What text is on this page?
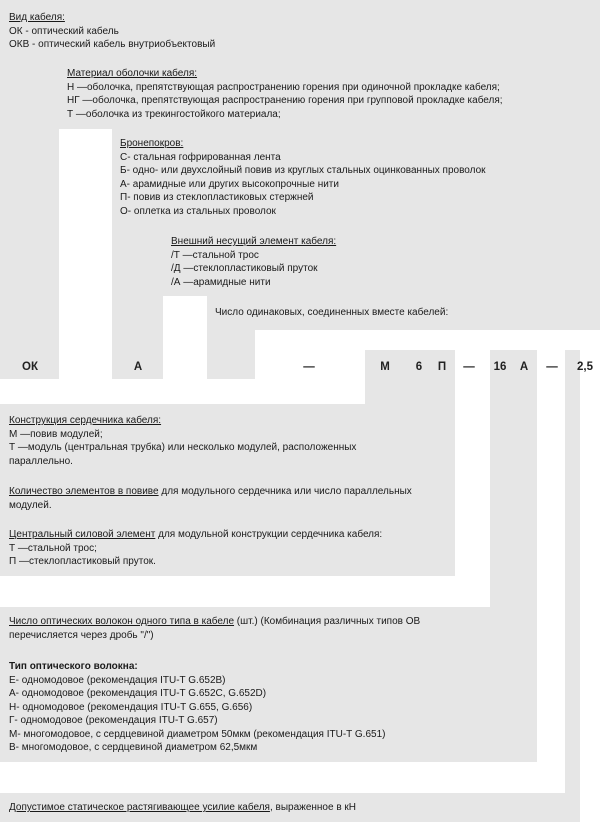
Вид кабеля:
ОК - оптический кабель
ОКВ - оптический кабель внутриобъектовый
Материал оболочки кабеля:
Н —оболочка, препятствующая распространению горения при одиночной прокладке кабеля;
НГ —оболочка, препятствующая распространению горения при групповой прокладке кабеля;
Т —оболочка из трекингостойкого материала;
Бронепокров:
С- стальная гофрированная лента
Б- одно- или двухслойный повив из круглых стальных оцинкованных проволок
А- арамидные или других высокопрочные нити
П- повив из стеклопластиковых стержней
О- оплетка из стальных проволок
Внешний несущий элемент кабеля:
/Т —стальной трос
/Д —стеклопластиковый пруток
/А —арамидные нити
Число одинаковых, соединенных вместе кабелей:
ОК	А	—	М 6 П — 16 А — 2,5
Конструкция сердечника кабеля:
М —повив модулей;
Т —модуль (центральная трубка) или несколько модулей, расположенных
параллельно.
Количество элементов в повиве для модульного сердечника или число параллельных
модулей.
Центральный силовой элемент для модульной конструкции сердечника кабеля:
Т —стальной трос;
П —стеклопластиковый пруток.
Число оптических волокон одного типа в кабеле (шт.) (Комбинация различных типов ОВ
перечисляется через дробь "/")
Тип оптического волокна:
Е- одномодовое (рекомендация ITU-T G.652B)
А- одномодовое (рекомендация ITU-T G.652C, G.652D)
Н- одномодовое (рекомендация ITU-T G.655, G.656)
Г- одномодовое (рекомендация ITU-T G.657)
М- многомодовое, с сердцевиной диаметром 50мкм (рекомендация ITU-T G.651)
В- многомодовое, с сердцевиной диаметром 62,5мкм
Допустимое статическое растягивающее усилие кабеля, выраженное в кН
